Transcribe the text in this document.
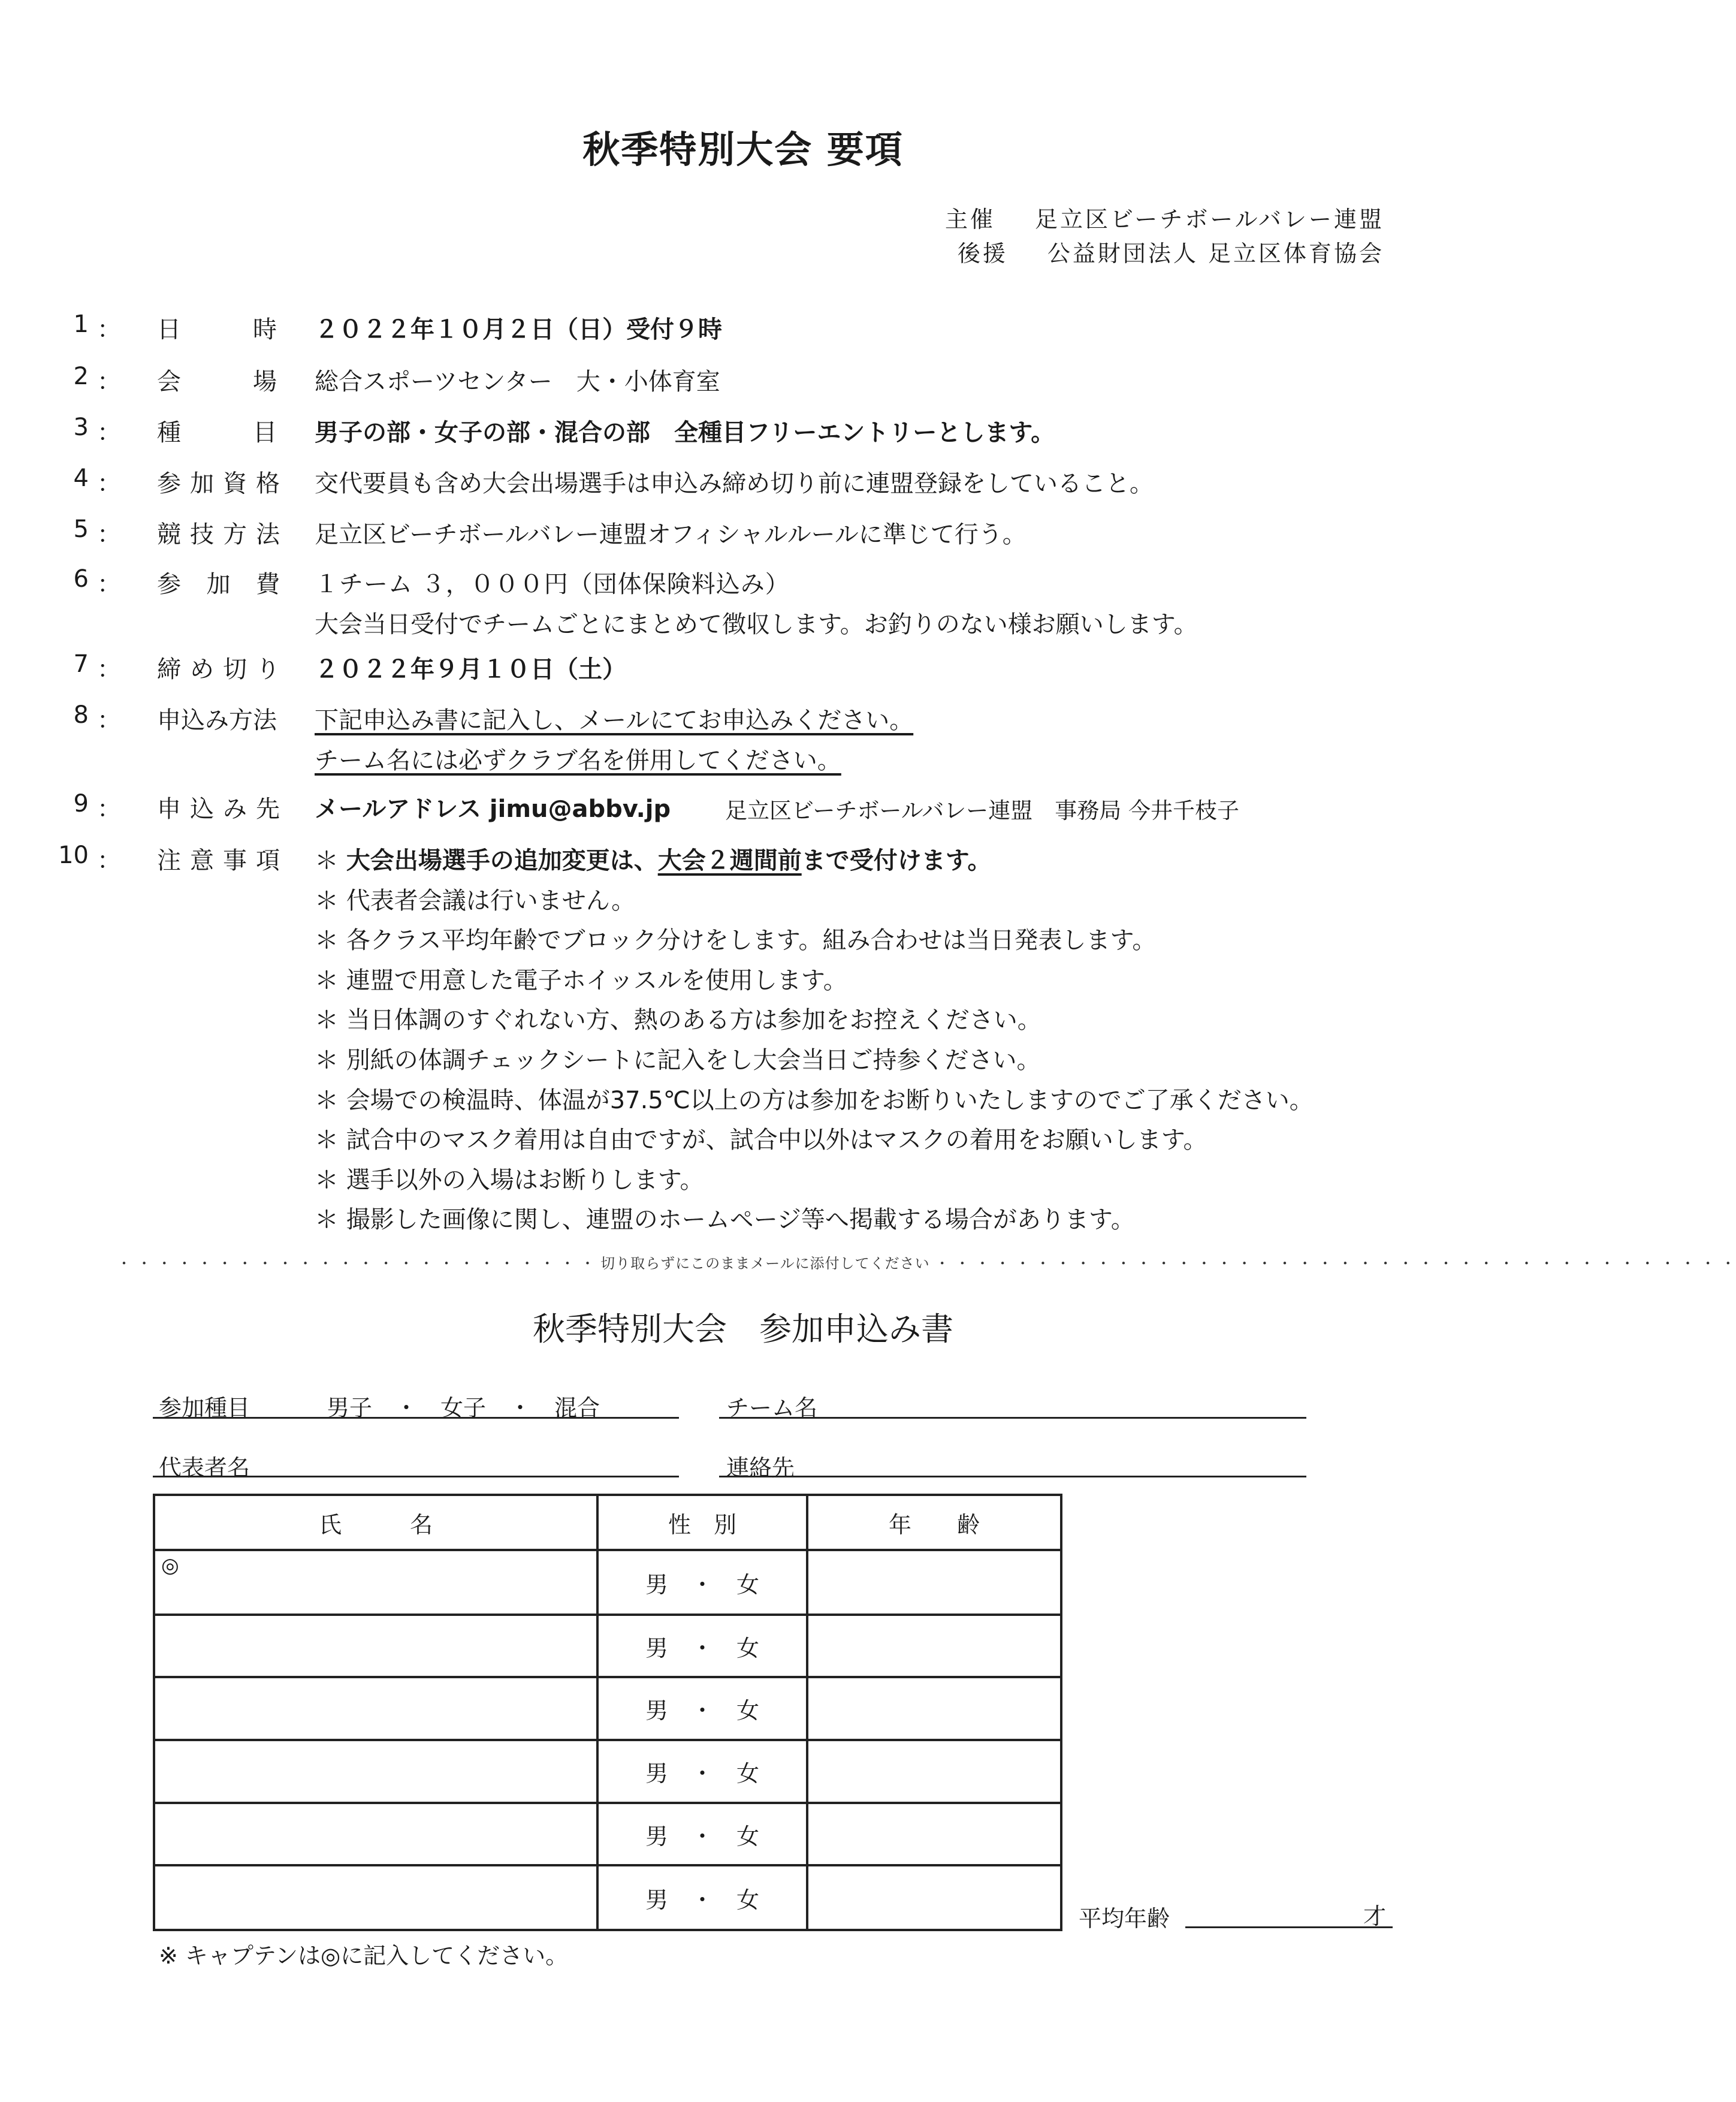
秋季特別大会 要項
主催 足立区ビーチボールバレー連盟
後援 公益財団法人 足立区体育協会
1 ： 日	時 ２０２２年１０月２日（日）受付９時
2 ： 会	場 総合スポーツセンター　大・小体育室
3 ： 種	目 男子の部・女子の部・混合の部　全種目フリーエントリーとします。
4 ： 参 加 資 格 交代要員も含め大会出場選手は申込み締め切り前に連盟登録をしていること。
5 ： 競 技 方 法 足立区ビーチボールバレー連盟オフィシャルルールに準じて行う。
6 ： 参 加 費 １チーム ３，０００円（団体保険料込み）
大会当日受付でチームごとにまとめて徴収します。お釣りのない様お願いします。
7 ： 締 め 切 り ２０２２年９月１０日（土）
8 ： 申込み方法 下記申込み書に記入し、メールにてお申込みください。
チーム名には必ずクラブ名を併用してください。
9 ： 申 込 み 先 メールアドレス jimu@abbv.jp 足立区ビーチボールバレー連盟　事務局 今井千枝子
10 ： 注 意 事 項 ＊ 大会出場選手の追加変更は、大会２週間前まで受付けます。
＊ 代表者会議は行いません。
＊ 各クラス平均年齢でブロック分けをします。組み合わせは当日発表します。
＊ 連盟で用意した電子ホイッスルを使用します。
＊ 当日体調のすぐれない方、熱のある方は参加をお控えください。
＊ 別紙の体調チェックシートに記入をし大会当日ご持参ください。
＊ 会場での検温時、体温が37.5℃以上の方は参加をお断りいたしますのでご了承ください。
＊ 試合中のマスク着用は自由ですが、試合中以外はマスクの着用をお願いします。
＊ 選手以外の入場はお断りします。
＊ 撮影した画像に関し、連盟のホームページ等へ掲載する場合があります。
・ ・ ・ ・ ・ ・ ・ ・ ・ ・ ・ ・ ・ ・ ・ ・ ・ ・ ・ ・ ・ ・ ・ ・ 切り取らずにこのままメールに添付してください ・ ・ ・ ・ ・ ・ ・ ・ ・ ・ ・ ・ ・ ・ ・ ・ ・ ・ ・ ・ ・ ・ ・ ・ ・ ・ ・ ・ ・ ・ ・ ・ ・ ・ ・ ・ ・ ・ ・ ・
秋季特別大会　参加申込み書
参加種目	男子　・　女子　・　混合	チーム名
代表者名	連絡先
氏　　　名	性　別	年　　齢
◎	男　・　女	
	男　・　女	
	男　・　女	
	男　・　女	
	男　・　女	
	男　・　女	
平均年齢	才
※ キャプテンは◎に記入してください。
